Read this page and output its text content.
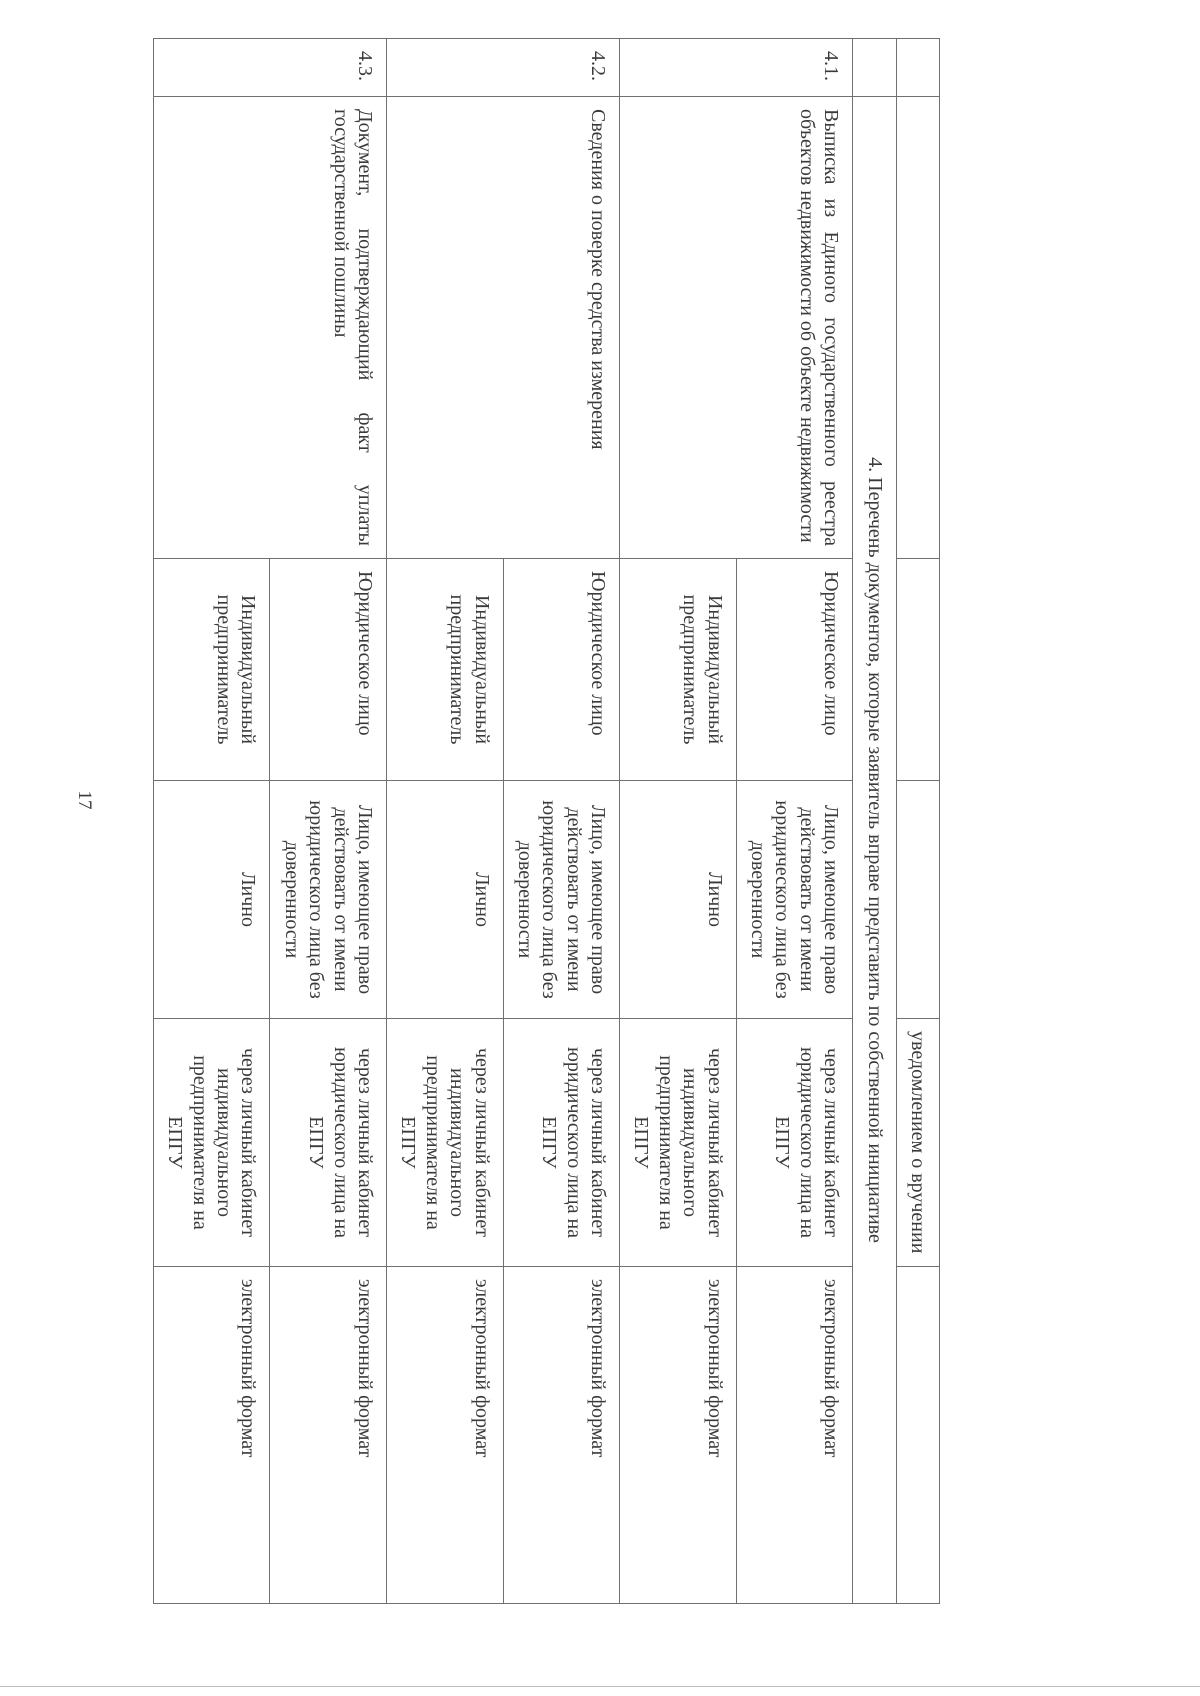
17
				уведомлением о вручении	
	4. Перечень документов, которые заявитель вправе представить по собственной инициативе				
4.1.	Выписка из Единого государственного реестра объектов недвижимости об объекте недвижимости	Юридическое лицо	Лицо, имеющее право действовать от имени юридического лица без доверенности	через личный кабинет юридического лица на ЕПГУ	электронный формат
		Индивидуальный предприниматель	Лично	через личный кабинет индивидуального предпринимателя на ЕПГУ	электронный формат
4.2.	Сведения о поверке средства измерения	Юридическое лицо	Лицо, имеющее право действовать от имени юридического лица без доверенности	через личный кабинет юридического лица на ЕПГУ	электронный формат
		Индивидуальный предприниматель	Лично	через личный кабинет индивидуального предпринимателя на ЕПГУ	электронный формат
4.3.	Документ, подтверждающий факт уплаты государственной пошлины	Юридическое лицо	Лицо, имеющее право действовать от имени юридического лица без доверенности	через личный кабинет юридического лица на ЕПГУ	электронный формат
		Индивидуальный предприниматель	Лично	через личный кабинет индивидуального предпринимателя на ЕПГУ	электронный формат
